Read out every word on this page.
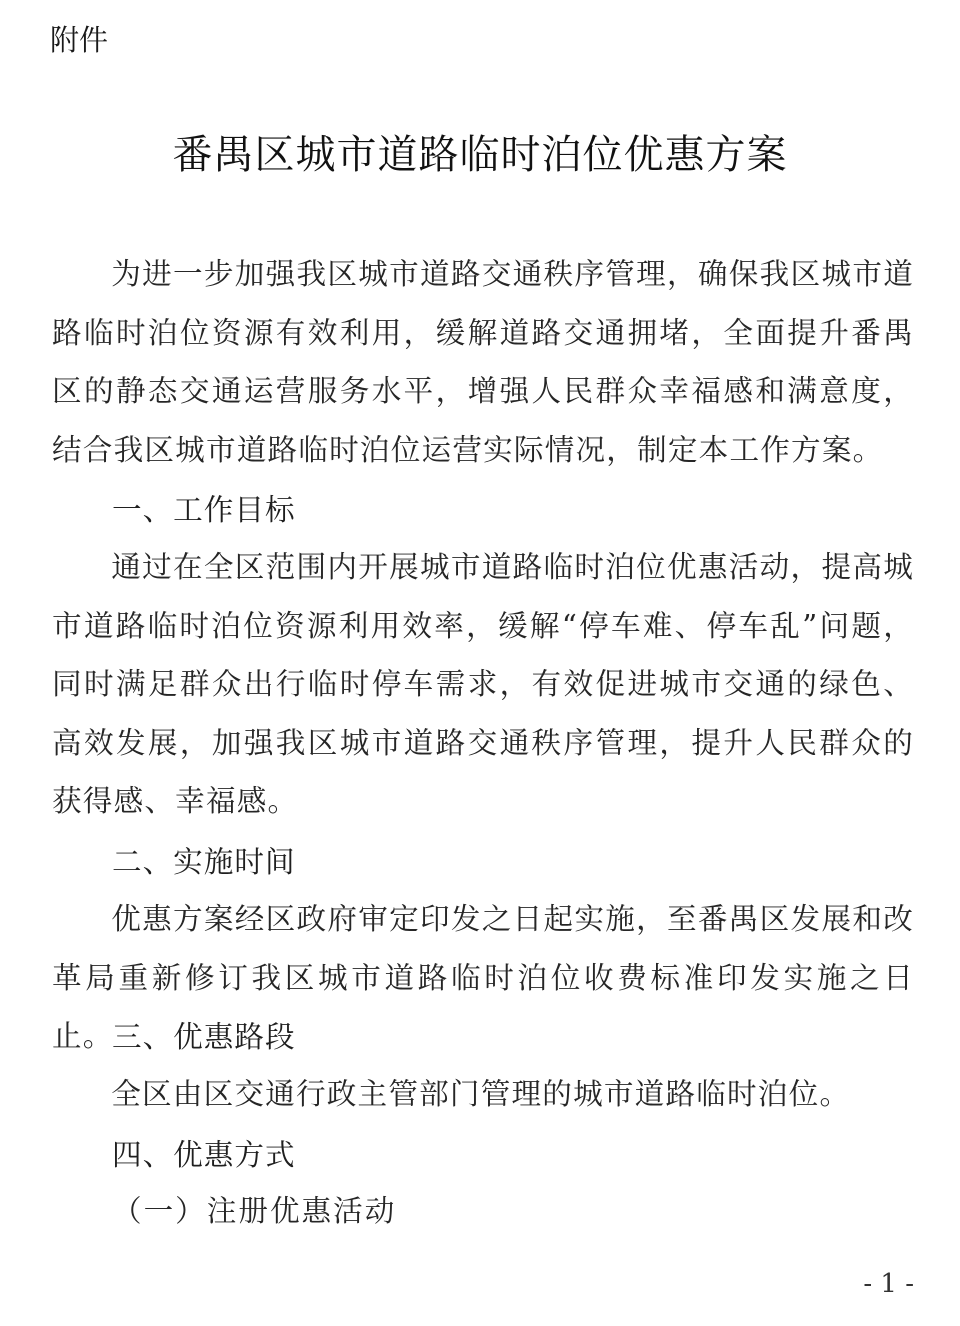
附件
番禺区城市道路临时泊位优惠方案
为进一步加强我区城市道路交通秩序管理，确保我区城市道路临时泊位资源有效利用，缓解道路交通拥堵，全面提升番禺区的静态交通运营服务水平，增强人民群众幸福感和满意度，结合我区城市道路临时泊位运营实际情况，制定本工作方案。
一、工作目标
通过在全区范围内开展城市道路临时泊位优惠活动，提高城市道路临时泊位资源利用效率，缓解“停车难、停车乱”问题，同时满足群众出行临时停车需求，有效促进城市交通的绿色、高效发展，加强我区城市道路交通秩序管理，提升人民群众的获得感、幸福感。
二、实施时间
优惠方案经区政府审定印发之日起实施，至番禺区发展和改革局重新修订我区城市道路临时泊位收费标准印发实施之日止。
三、优惠路段
全区由区交通行政主管部门管理的城市道路临时泊位。
四、优惠方式
（一）注册优惠活动
- 1 -
